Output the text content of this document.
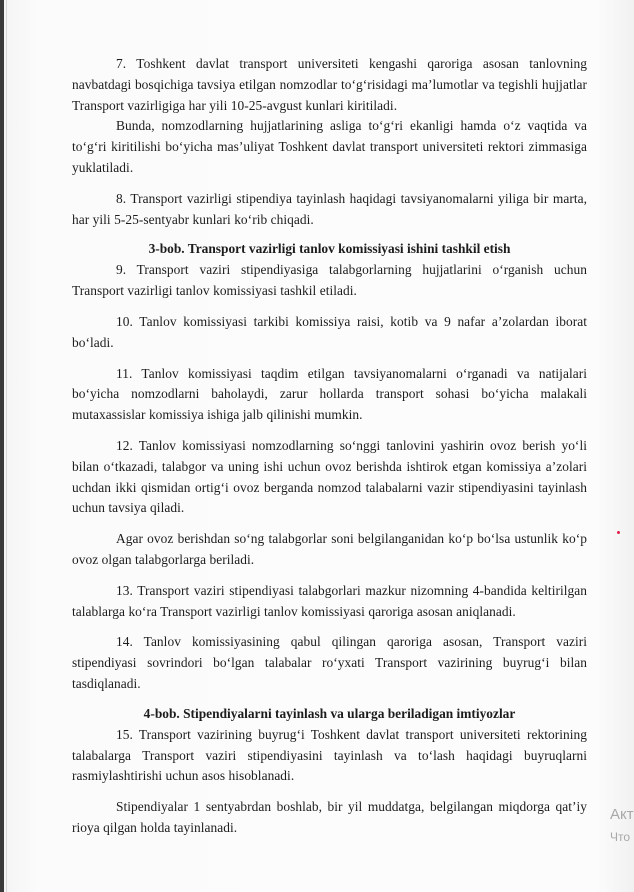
7. Toshkent davlat transport universiteti kengashi qaroriga asosan tanlovning navbatdagi bosqichiga tavsiya etilgan nomzodlar to‘g‘risidagi ma’lumotlar va tegishli hujjatlar Transport vazirligiga har yili 10-25-avgust kunlari kiritiladi.

Bunda, nomzodlarning hujjatlarining asliga to‘g‘ri ekanligi hamda o‘z vaqtida va to‘g‘ri kiritilishi bo‘yicha mas’uliyat Toshkent davlat transport universiteti rektori zimmasiga yuklatiladi.

8. Transport vazirligi stipendiya tayinlash haqidagi tavsiyanomalarni yiliga bir marta, har yili 5-25-sentyabr kunlari ko‘rib chiqadi.

3-bob. Transport vazirligi tanlov komissiyasi ishini tashkil etish

9. Transport vaziri stipendiyasiga talabgorlarning hujjatlarini o‘rganish uchun Transport vazirligi tanlov komissiyasi tashkil etiladi.

10. Tanlov komissiyasi tarkibi komissiya raisi, kotib va 9 nafar a’zolardan iborat bo‘ladi.

11. Tanlov komissiyasi taqdim etilgan tavsiyanomalarni o‘rganadi va natijalari bo‘yicha nomzodlarni baholaydi, zarur hollarda transport sohasi bo‘yicha malakali mutaxassislar komissiya ishiga jalb qilinishi mumkin.

12. Tanlov komissiyasi nomzodlarning so‘nggi tanlovini yashirin ovoz berish yo‘li bilan o‘tkazadi, talabgor va uning ishi uchun ovoz berishda ishtirok etgan komissiya a’zolari uchdan ikki qismidan ortig‘i ovoz berganda nomzod talabalarni vazir stipendiyasini tayinlash uchun tavsiya qiladi.

Agar ovoz berishdan so‘ng talabgorlar soni belgilanganidan ko‘p bo‘lsa ustunlik ko‘p ovoz olgan talabgorlarga beriladi.

13. Transport vaziri stipendiyasi talabgorlari mazkur nizomning 4-bandida keltirilgan talablarga ko‘ra Transport vazirligi tanlov komissiyasi qaroriga asosan aniqlanadi.

14. Tanlov komissiyasining qabul qilingan qaroriga asosan, Transport vaziri stipendiyasi sovrindori bo‘lgan talabalar ro‘yxati Transport vazirining buyrug‘i bilan tasdiqlanadi.

4-bob. Stipendiyalarni tayinlash va ularga beriladigan imtiyozlar

15. Transport vazirining buyrug‘i Toshkent davlat transport universiteti rektorining talabalarga Transport vaziri stipendiyasini tayinlash va to‘lash haqidagi buyruqlarni rasmiylashtirishi uchun asos hisoblanadi.

Stipendiyalar 1 sentyabrdan boshlab, bir yil muddatga, belgilangan miqdorga qat’iy rioya qilgan holda tayinlanadi.

Акт
Что
